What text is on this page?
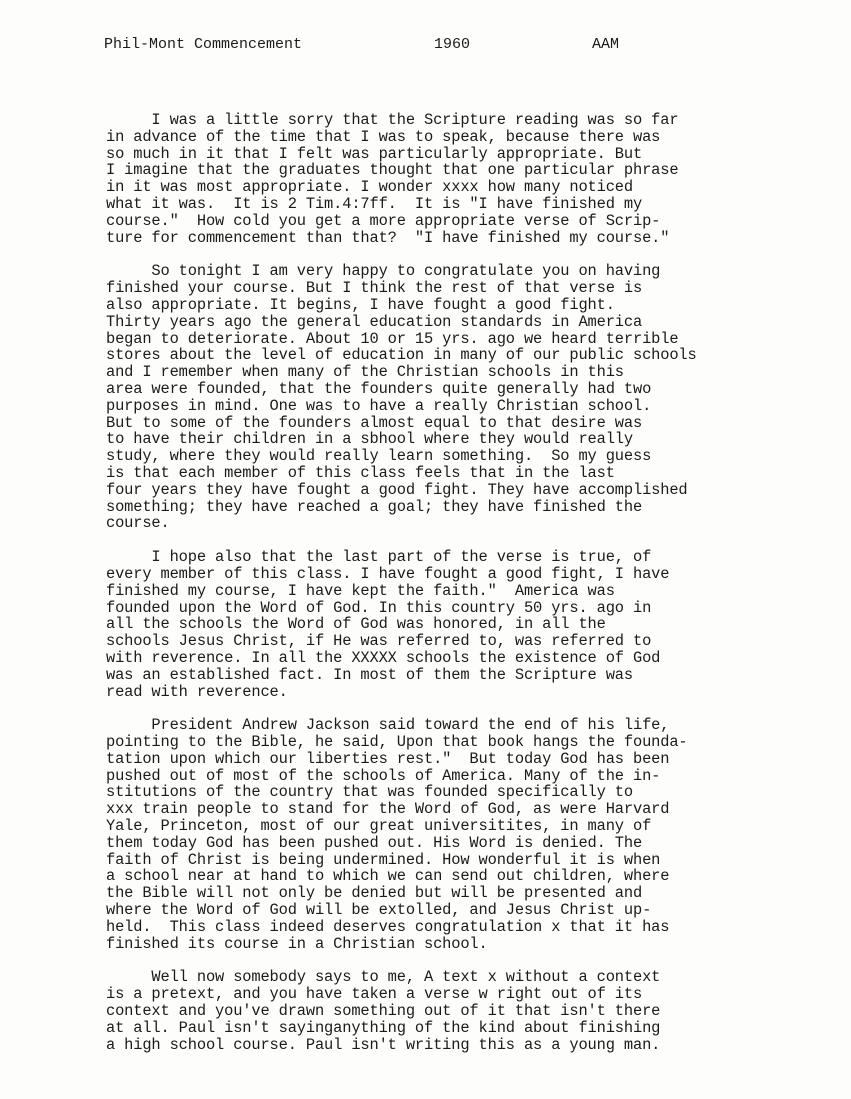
Phil-Mont Commencement	1960	AAM
I was a little sorry that the Scripture reading was so far
in advance of the time that I was to speak, because there was
so much in it that I felt was particularly appropriate. But
I imagine that the graduates thought that one particular phrase
in it was most appropriate. I wonder xxxx how many noticed
what it was.  It is 2 Tim.4:7ff.  It is "I have finished my
course."  How cold you get a more appropriate verse of Scrip-
ture for commencement than that?  "I have finished my course."
So tonight I am very happy to congratulate you on having
finished your course. But I think the rest of that verse is
also appropriate. It begins, I have fought a good fight.
Thirty years ago the general education standards in America
began to deteriorate. About 10 or 15 yrs. ago we heard terrible
stores about the level of education in many of our public schools
and I remember when many of the Christian schools in this
area were founded, that the founders quite generally had two
purposes in mind. One was to have a really Christian school.
But to some of the founders almost equal to that desire was
to have their children in a sbhool where they would really
study, where they would really learn something.  So my guess
is that each member of this class feels that in the last
four years they have fought a good fight. They have accomplished
something; they have reached a goal; they have finished the
course.
I hope also that the last part of the verse is true, of
every member of this class. I have fought a good fight, I have
finished my course, I have kept the faith."  America was
founded upon the Word of God. In this country 50 yrs. ago in
all the schools the Word of God was honored, in all the
schools Jesus Christ, if He was referred to, was referred to
with reverence. In all the XXXXX schools the existence of God
was an established fact. In most of them the Scripture was
read with reverence.
President Andrew Jackson said toward the end of his life,
pointing to the Bible, he said, Upon that book hangs the founda-
tation upon which our liberties rest."  But today God has been
pushed out of most of the schools of America. Many of the in-
stitutions of the country that was founded specifically to
xxx train people to stand for the Word of God, as were Harvard
Yale, Princeton, most of our great universitites, in many of
them today God has been pushed out. His Word is denied. The
faith of Christ is being undermined. How wonderful it is when
a school near at hand to which we can send out children, where
the Bible will not only be denied but will be presented and
where the Word of God will be extolled, and Jesus Christ up-
held.  This class indeed deserves congratulation x that it has
finished its course in a Christian school.
Well now somebody says to me, A text x without a context
is a pretext, and you have taken a verse w right out of its
context and you've drawn something out of it that isn't there
at all. Paul isn't sayinganything of the kind about finishing
a high school course. Paul isn't writing this as a young man.
